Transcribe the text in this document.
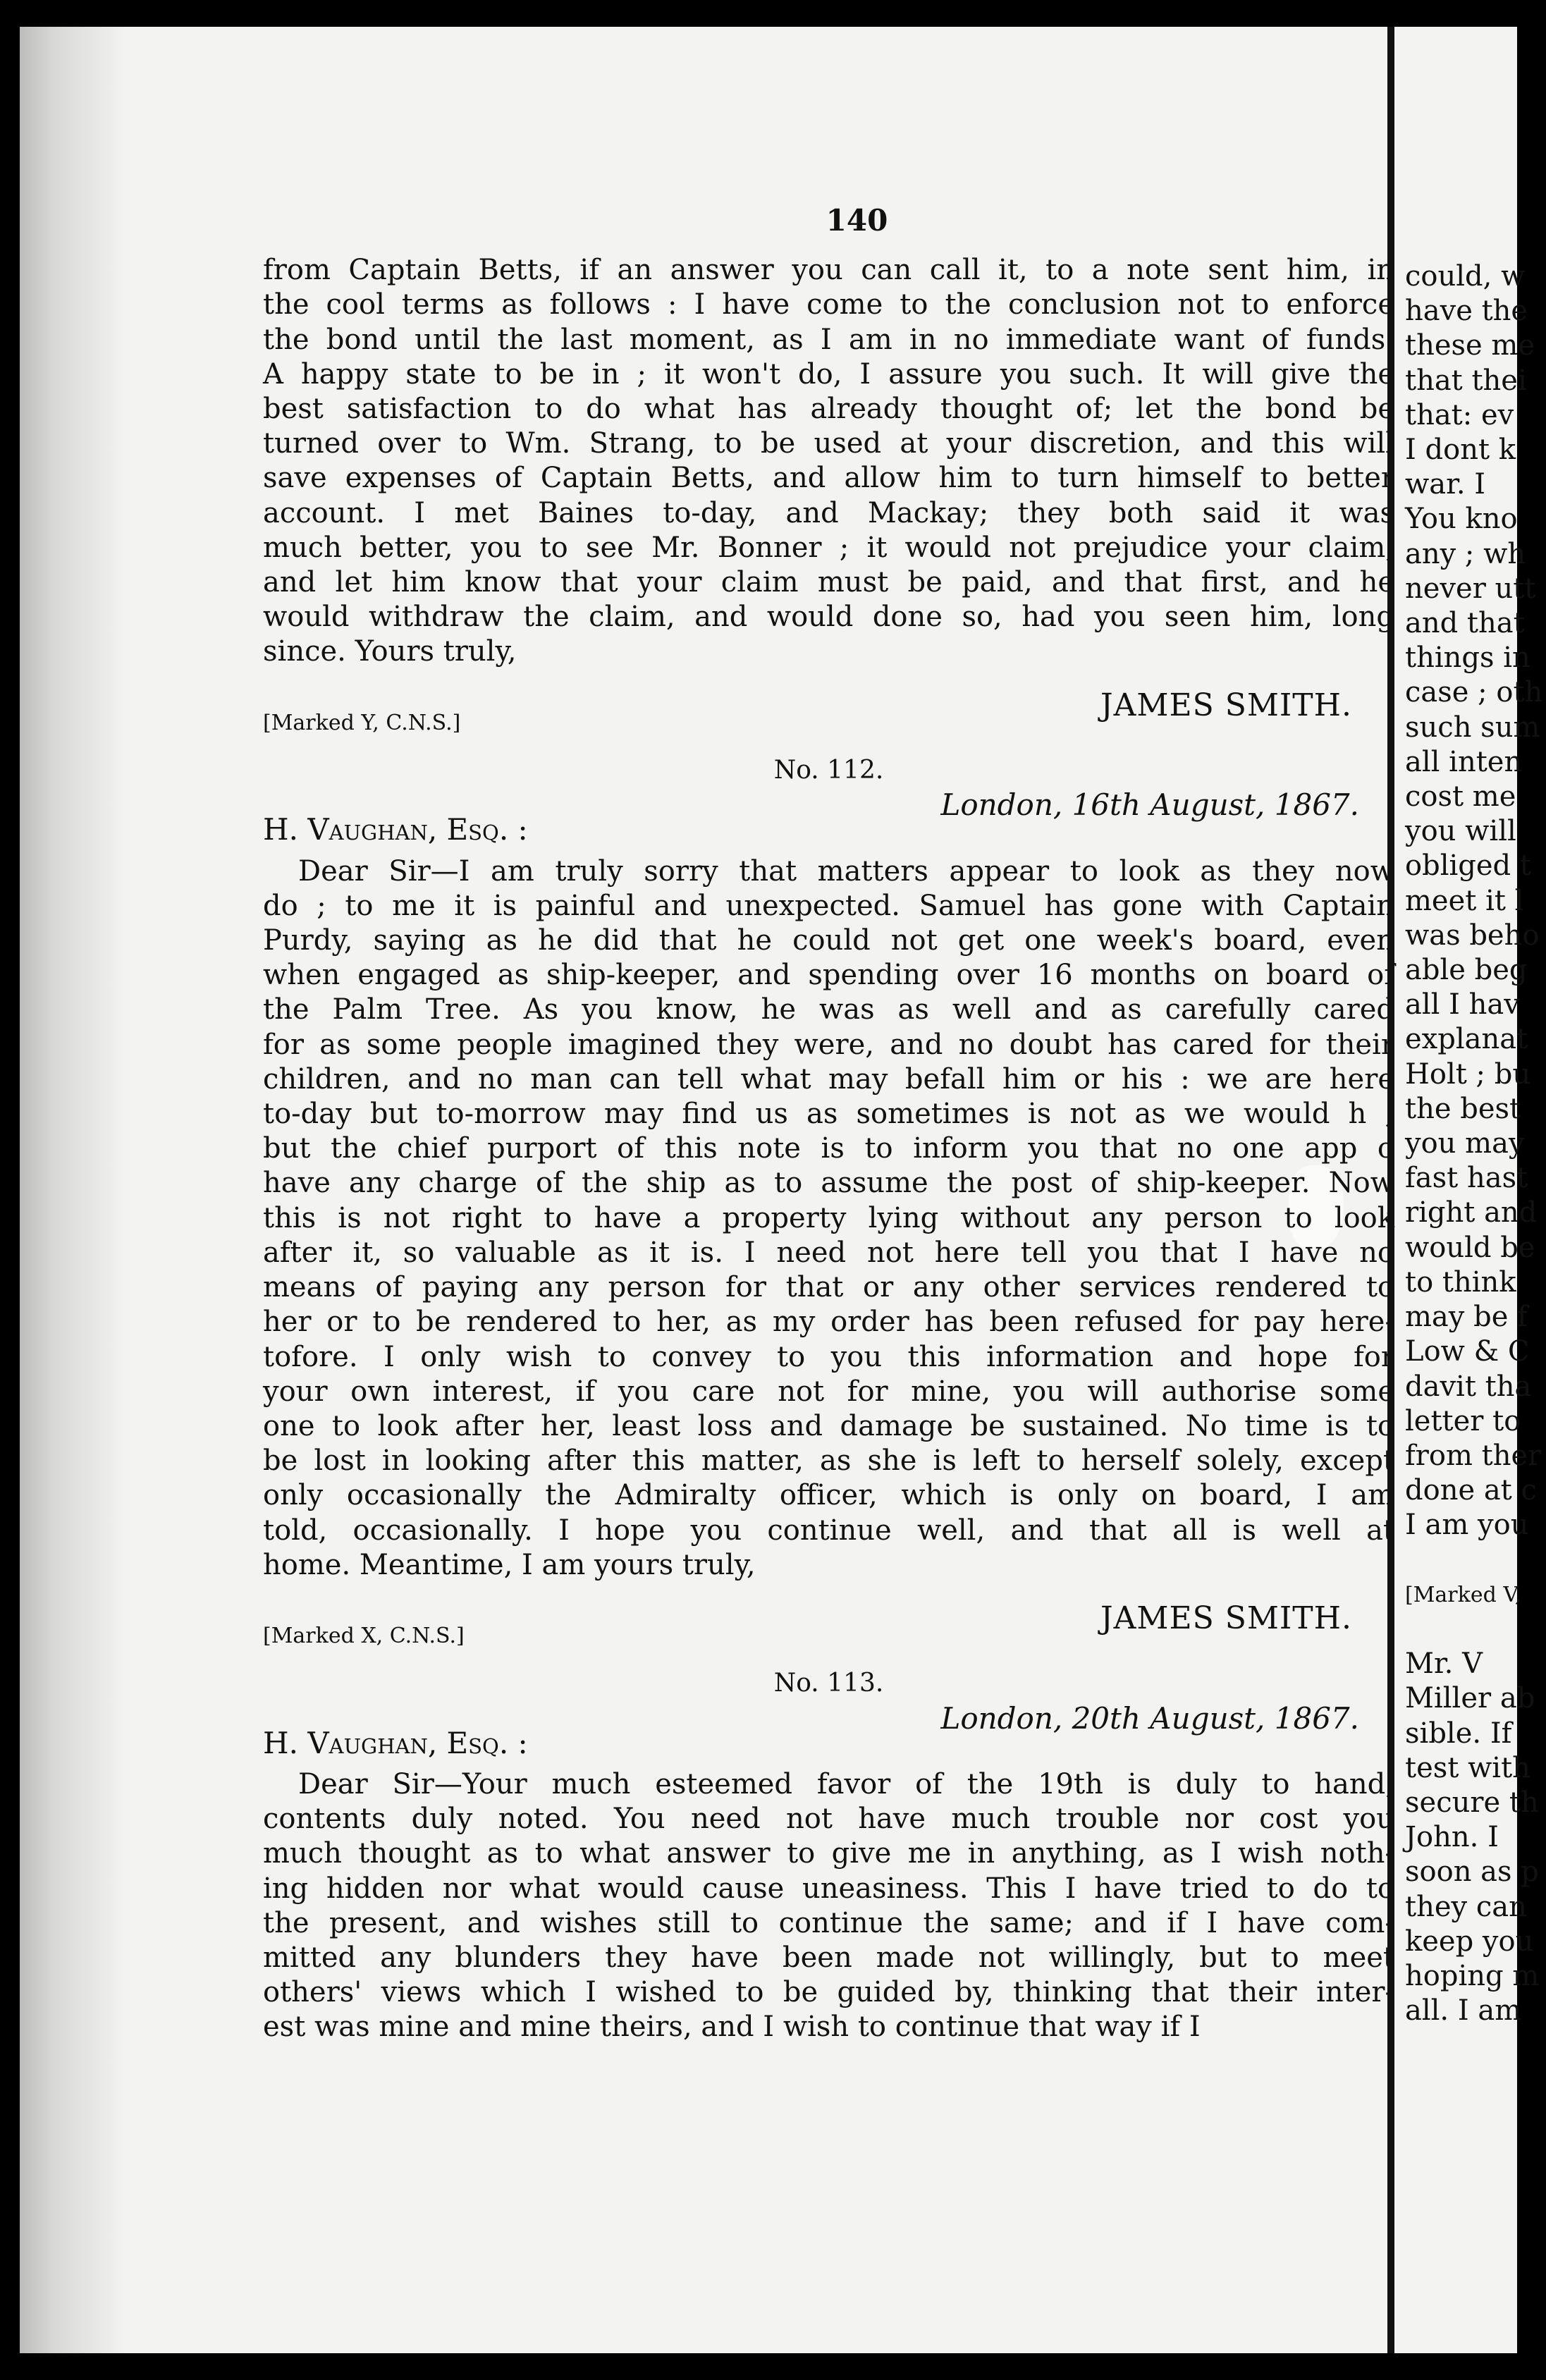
140
from Captain Betts, if an answer you can call it, to a note sent him, in
the cool terms as follows : I have come to the conclusion not to enforce
the bond until the last moment, as I am in no immediate want of funds.
A happy state to be in ; it won't do, I assure you such. It will give the
best satisfaction to do what has already thought of; let the bond be
turned over to Wm. Strang, to be used at your discretion, and this will
save expenses of Captain Betts, and allow him to turn himself to better
account. I met Baines to-day, and Mackay; they both said it was
much better, you to see Mr. Bonner ; it would not prejudice your claim,
and let him know that your claim must be paid, and that first, and he
would withdraw the claim, and would done so, had you seen him, long
since. Yours truly,
JAMES SMITH.
[Marked Y, C.N.S.]
No. 112.
London, 16th August, 1867.
H. Vaughan, Esq. :
Dear Sir—I am truly sorry that matters appear to look as they now
do ; to me it is painful and unexpected. Samuel has gone with Captain
Purdy, saying as he did that he could not get one week's board, even
when engaged as ship-keeper, and spending over 16 months on board of
the Palm Tree. As you know, he was as well and as carefully cared
for as some people imagined they were, and no doubt has cared for their
children, and no man can tell what may befall him or his : we are here
to-day but to-morrow may find us as sometimes is not as we would h ;
but the chief purport of this note is to inform you that no one app o
have any charge of the ship as to assume the post of ship-keeper. Now
this is not right to have a property lying without any person to look
after it, so valuable as it is. I need not here tell you that I have no
means of paying any person for that or any other services rendered to
her or to be rendered to her, as my order has been refused for pay here-
tofore. I only wish to convey to you this information and hope for
your own interest, if you care not for mine, you will authorise some
one to look after her, least loss and damage be sustained. No time is to
be lost in looking after this matter, as she is left to herself solely, except
only occasionally the Admiralty officer, which is only on board, I am
told, occasionally. I hope you continue well, and that all is well at
home. Meantime, I am yours truly,
JAMES SMITH.
[Marked X, C.N.S.]
No. 113.
London, 20th August, 1867.
H. Vaughan, Esq. :
Dear Sir—Your much esteemed favor of the 19th is duly to hand,
contents duly noted. You need not have much trouble nor cost you
much thought as to what answer to give me in anything, as I wish noth-
ing hidden nor what would cause uneasiness. This I have tried to do to
the present, and wishes still to continue the same; and if I have com-
mitted any blunders they have been made not willingly, but to meet
others' views which I wished to be guided by, thinking that their inter-
est was mine and mine theirs, and I wish to continue that way if I
could, w
have the
these me
that thei
that: ev
I dont k
war. I
You kno
any ; wh
never utt
and that
things in
case ; oth
such sum
all inten
cost me
you will
obliged t
meet it l
was beho
able beg
all I hav
explanat
Holt ; bu
the best
you may
fast hast
right and
would be
to think
may be f
Low & C
davit tha
letter to
from ther
done at c
I am you

[Marked V,

Mr. V
Miller ab
sible. If
test with
secure th
John. I
soon as p
they can
keep you
hoping m
all. I am
